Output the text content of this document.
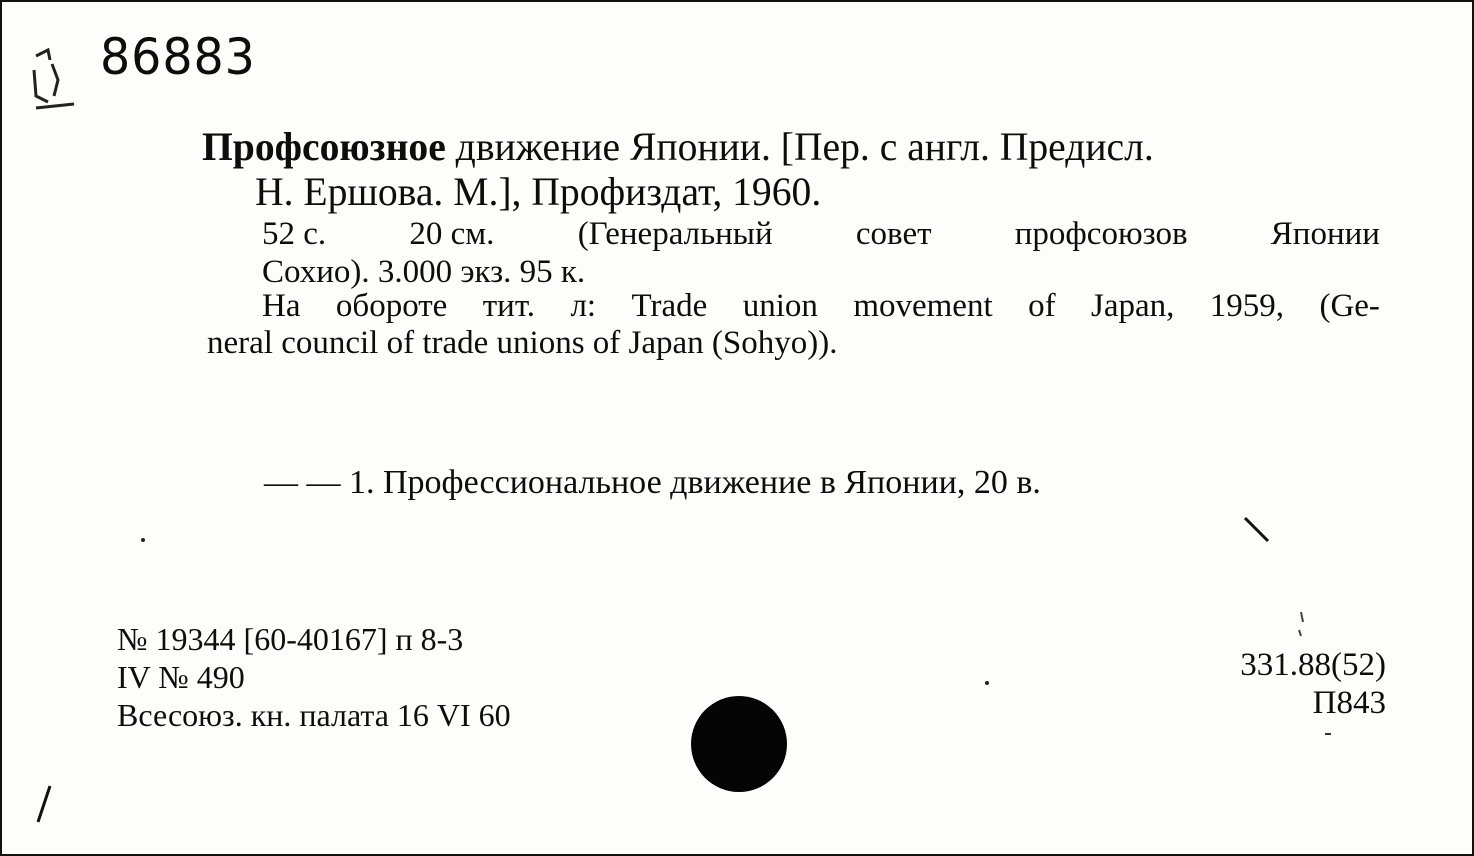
86883
Профсоюзное движение Японии. [Пер. с англ. Предисл.
Н. Ершова. М.], Профиздат, 1960.
52 с.	20 см.	(Генеральный	совет	профсоюзов	Японии
Сохио). 3.000 экз. 95 к.
На обороте тит. л: Trade union movement of Japan, 1959, (Ge-
neral council of trade unions of Japan (Sohyo)).
— — 1. Профессиональное движение в Японии, 20 в.
№ 19344 [60-40167] п 8-3
IV № 490
Всесоюз. кн. палата 16 VI 60
331.88(52)
П843
